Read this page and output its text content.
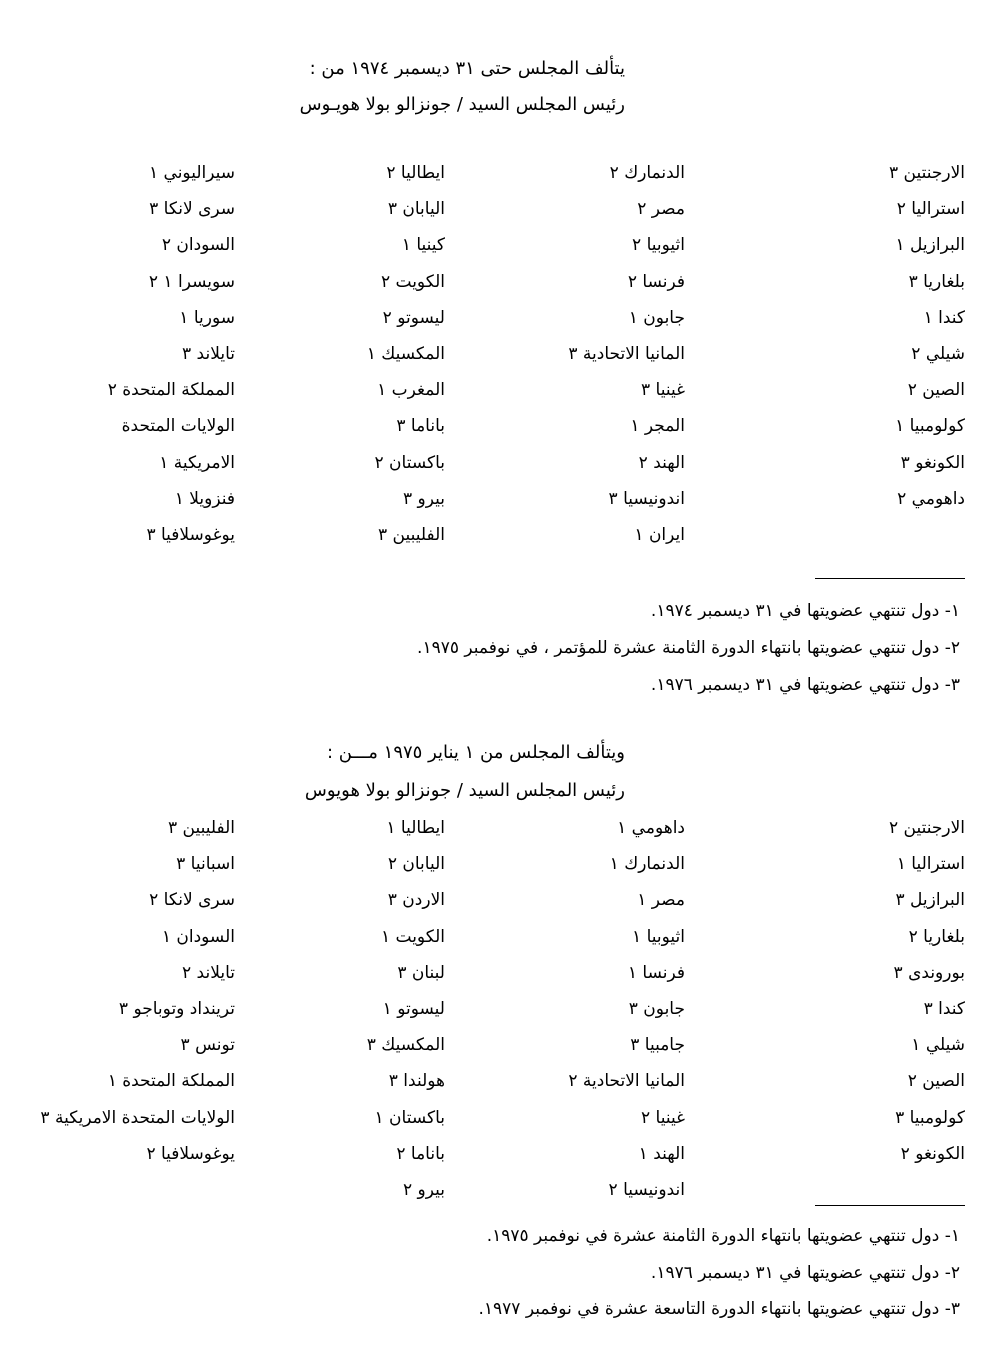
يتألف المجلس حتى ٣١ ديسمبر ١٩٧٤ من :
رئيس المجلس السيد / جونزالو بولا هويـوس
الارجنتين ٣
استراليا ٢
البرازيل ١
بلغاريا ٣
كندا ١
شيلي ٢
الصين ٢
كولومبيا ١
الكونغو ٣
داهومي ٢
الدنمارك ٢
مصر ٢
اثيوبيا ٢
فرنسا ٢
جابون ١
المانيا الاتحادية ٣
غينيا ٣
المجر ١
الهند ٢
اندونيسيا ٣
ايران ١
ايطاليا ٢
اليابان ٣
كينيا ١
الكويت ٢
ليسوتو ٢
المكسيك ١
المغرب ١
باناما ٣
باكستان ٢
بيرو ٣
الفليبين ٣
سيراليوني ١
سرى لانكا ٣
السودان ٢
سويسرا ١ ٢
سوريا ١
تايلاند ٣
المملكة المتحدة ٢
الولايات المتحدة
الامريكية ١
فنزويلا ١
يوغوسلافيا ٣
١- دول تنتهي عضويتها في ٣١ ديسمبر ١٩٧٤.
٢- دول تنتهي عضويتها بانتهاء الدورة الثامنة عشرة للمؤتمر ، في نوفمبر ١٩٧٥.
٣- دول تنتهي عضويتها في ٣١ ديسمبر ١٩٧٦.
ويتألف المجلس من ١ يناير ١٩٧٥ مـــن :
رئيس المجلس السيد / جونزالو بولا هويوس
الارجنتين ٢
استراليا ١
البرازيل ٣
بلغاريا ٢
بوروندى ٣
كندا ٣
شيلي ١
الصين ٢
كولومبيا ٣
الكونغو ٢
داهومي ١
الدنمارك ١
مصر ١
اثيوبيا ١
فرنسا ١
جابون ٣
جامبيا ٣
المانيا الاتحادية ٢
غينيا ٢
الهند ١
اندونيسيا ٢
ايطاليا ١
اليابان ٢
الاردن ٣
الكويت ١
لبنان ٣
ليسوتو ١
المكسيك ٣
هولندا ٣
باكستان ١
باناما ٢
بيرو ٢
الفليبين ٣
اسبانيا ٣
سرى لانكا ٢
السودان ١
تايلاند ٢
ترينداد وتوباجو ٣
تونس ٣
المملكة المتحدة ١
الولايات المتحدة الامريكية ٣
يوغوسلافيا ٢
١- دول تنتهي عضويتها بانتهاء الدورة الثامنة عشرة في نوفمبر ١٩٧٥.
٢- دول تنتهي عضويتها في ٣١ ديسمبر ١٩٧٦.
٣- دول تنتهي عضويتها بانتهاء الدورة التاسعة عشرة في نوفمبر ١٩٧٧.
